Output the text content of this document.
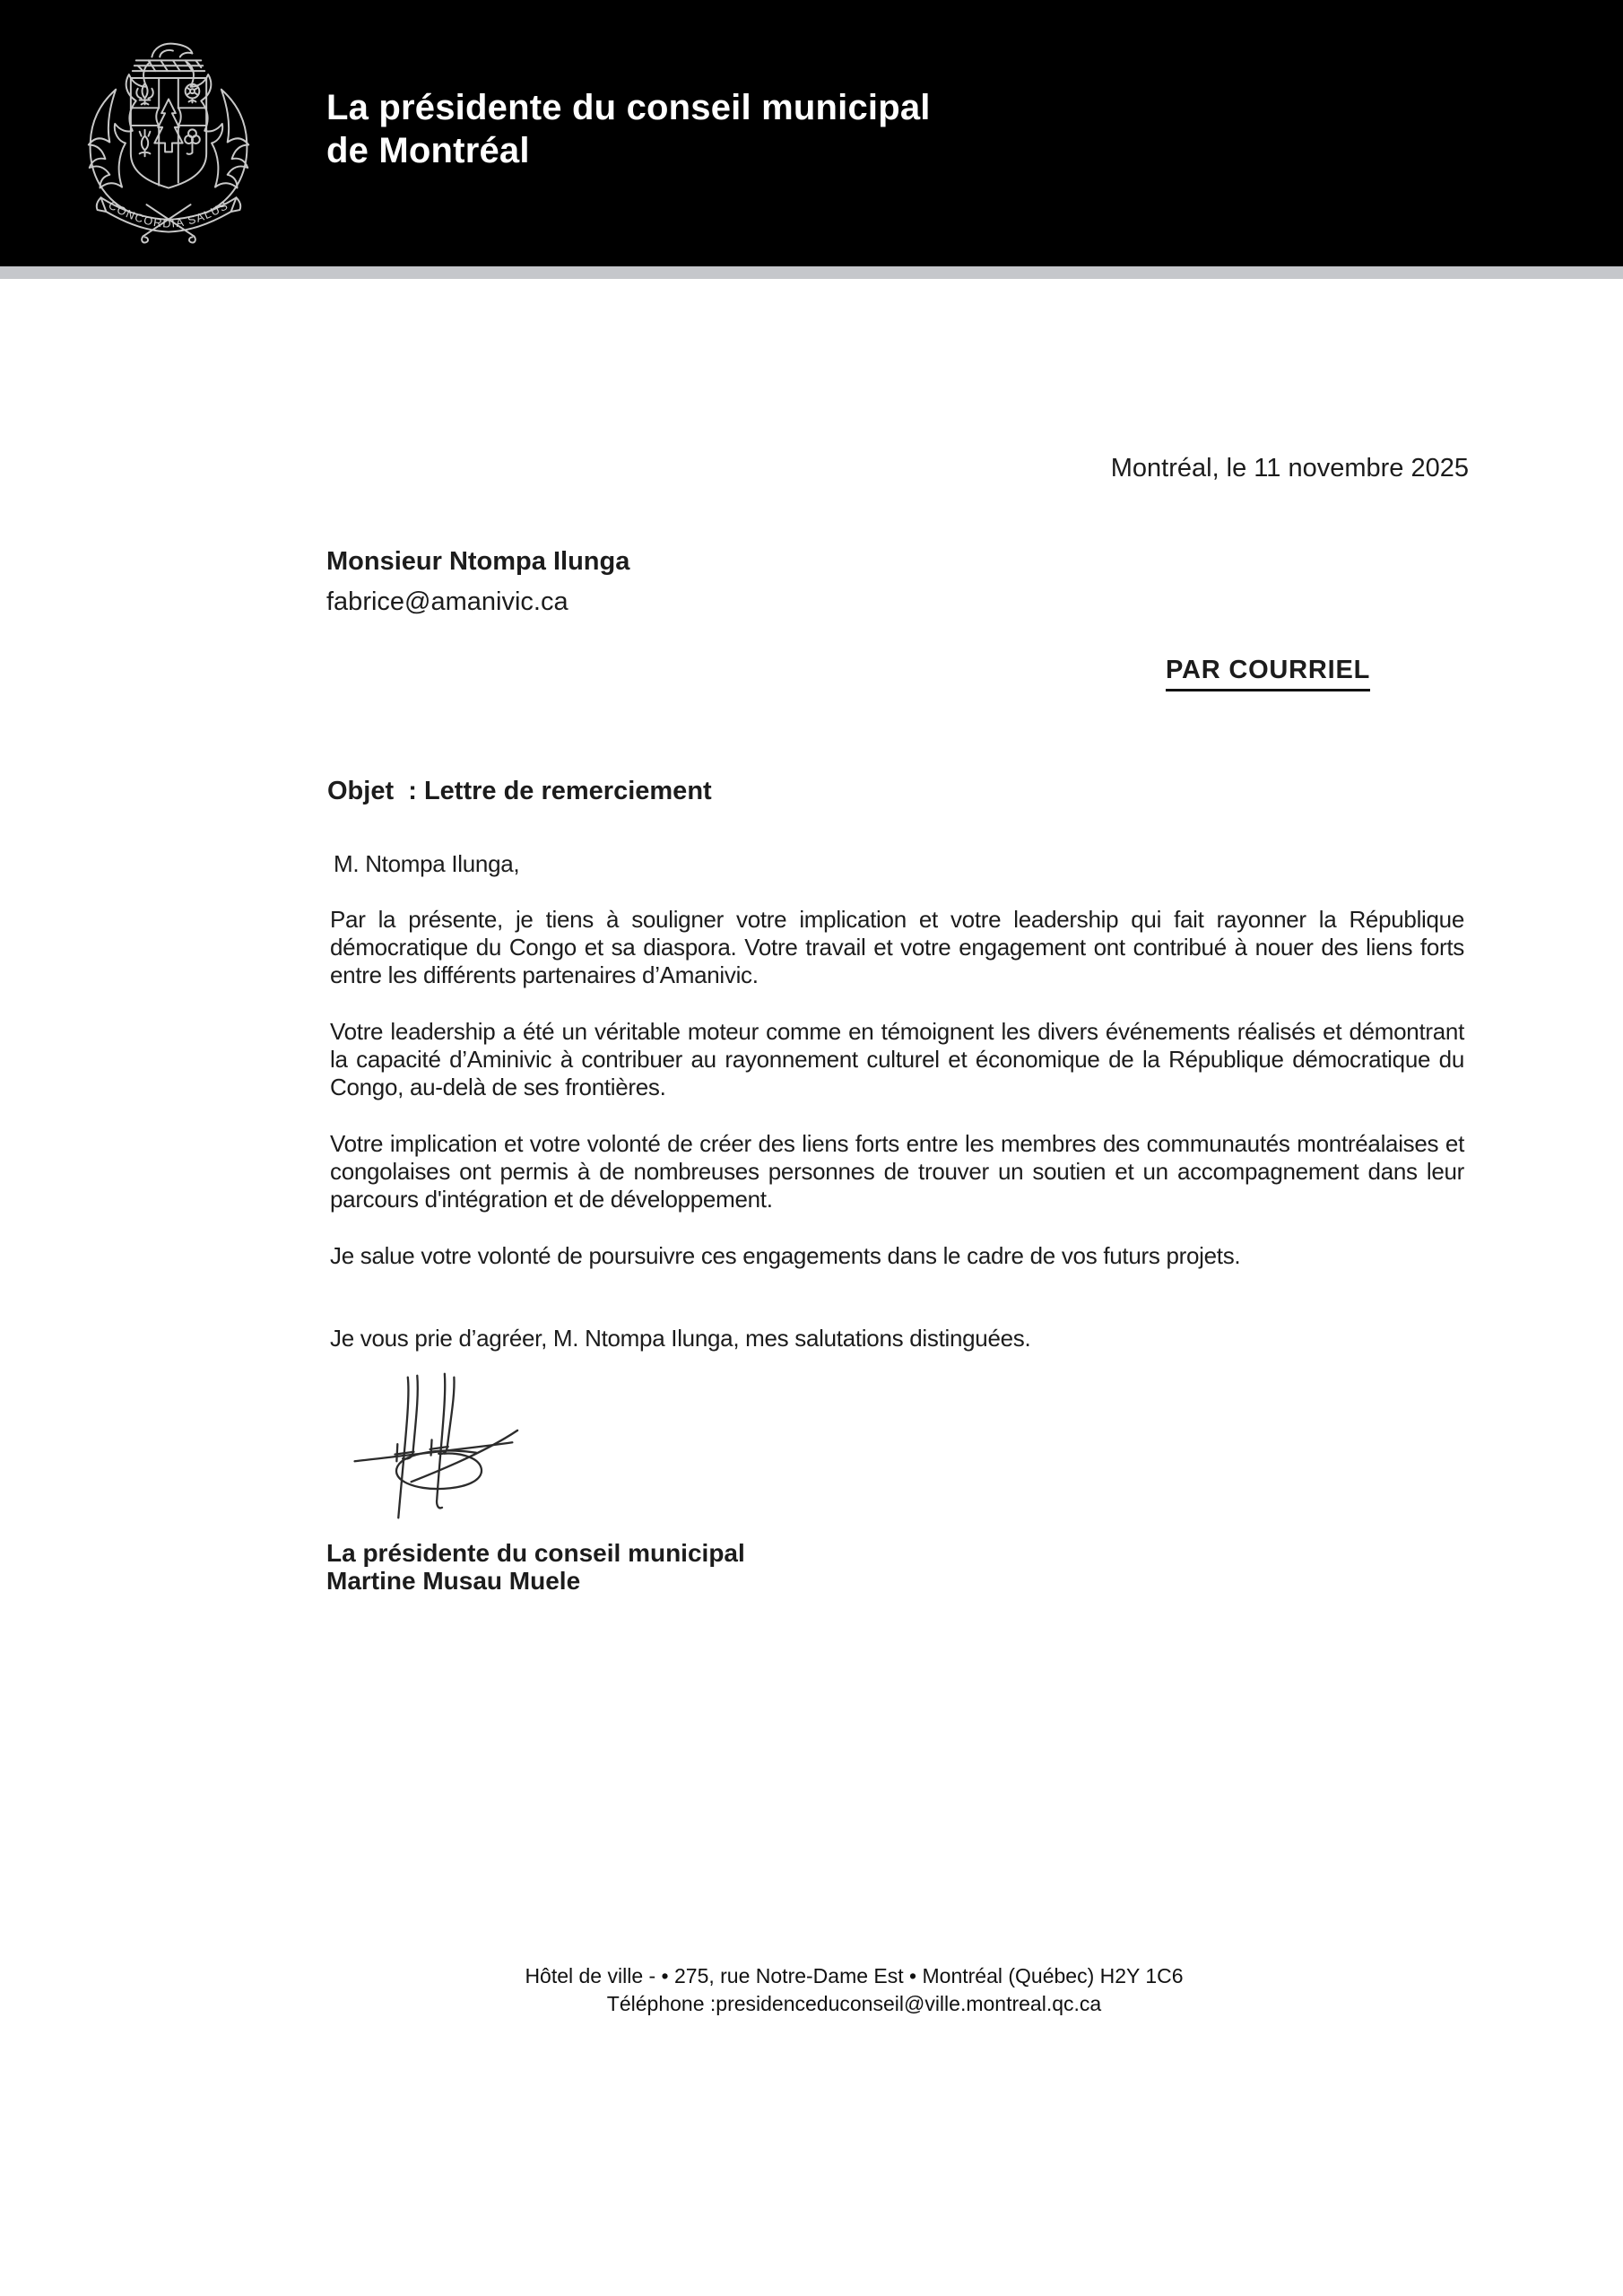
CONCORDIA SALUS
La présidente du conseil municipal
de Montréal
Montréal, le 11 novembre 2025
Monsieur Ntompa Ilunga
fabrice@amanivic.ca
PAR COURRIEL
Objet  : Lettre de remerciement

M. Ntompa Ilunga,

Par la présente, je tiens à souligner votre implication et votre leadership qui fait rayonner la République démocratique du Congo et sa diaspora. Votre travail et votre engagement ont contribué à nouer des liens forts entre les différents partenaires d’Amanivic.

Votre leadership a été un véritable moteur comme en témoignent les divers événements réalisés et démontrant la capacité d’Aminivic à contribuer au rayonnement culturel et économique de la République démocratique du Congo, au-delà de ses frontières.

Votre implication et votre volonté de créer des liens forts entre les membres des communautés montréalaises et congolaises ont permis à de nombreuses personnes de trouver un soutien et un accompagnement dans leur parcours d'intégration et de développement.

Je salue votre volonté de poursuivre ces engagements dans le cadre de vos futurs projets.

Je vous prie d’agréer, M. Ntompa Ilunga, mes salutations distinguées.

La présidente du conseil municipal
Martine Musau Muele
Hôtel de ville - • 275, rue Notre-Dame Est • Montréal (Québec) H2Y 1C6
Téléphone :presidenceduconseil@ville.montreal.qc.ca
